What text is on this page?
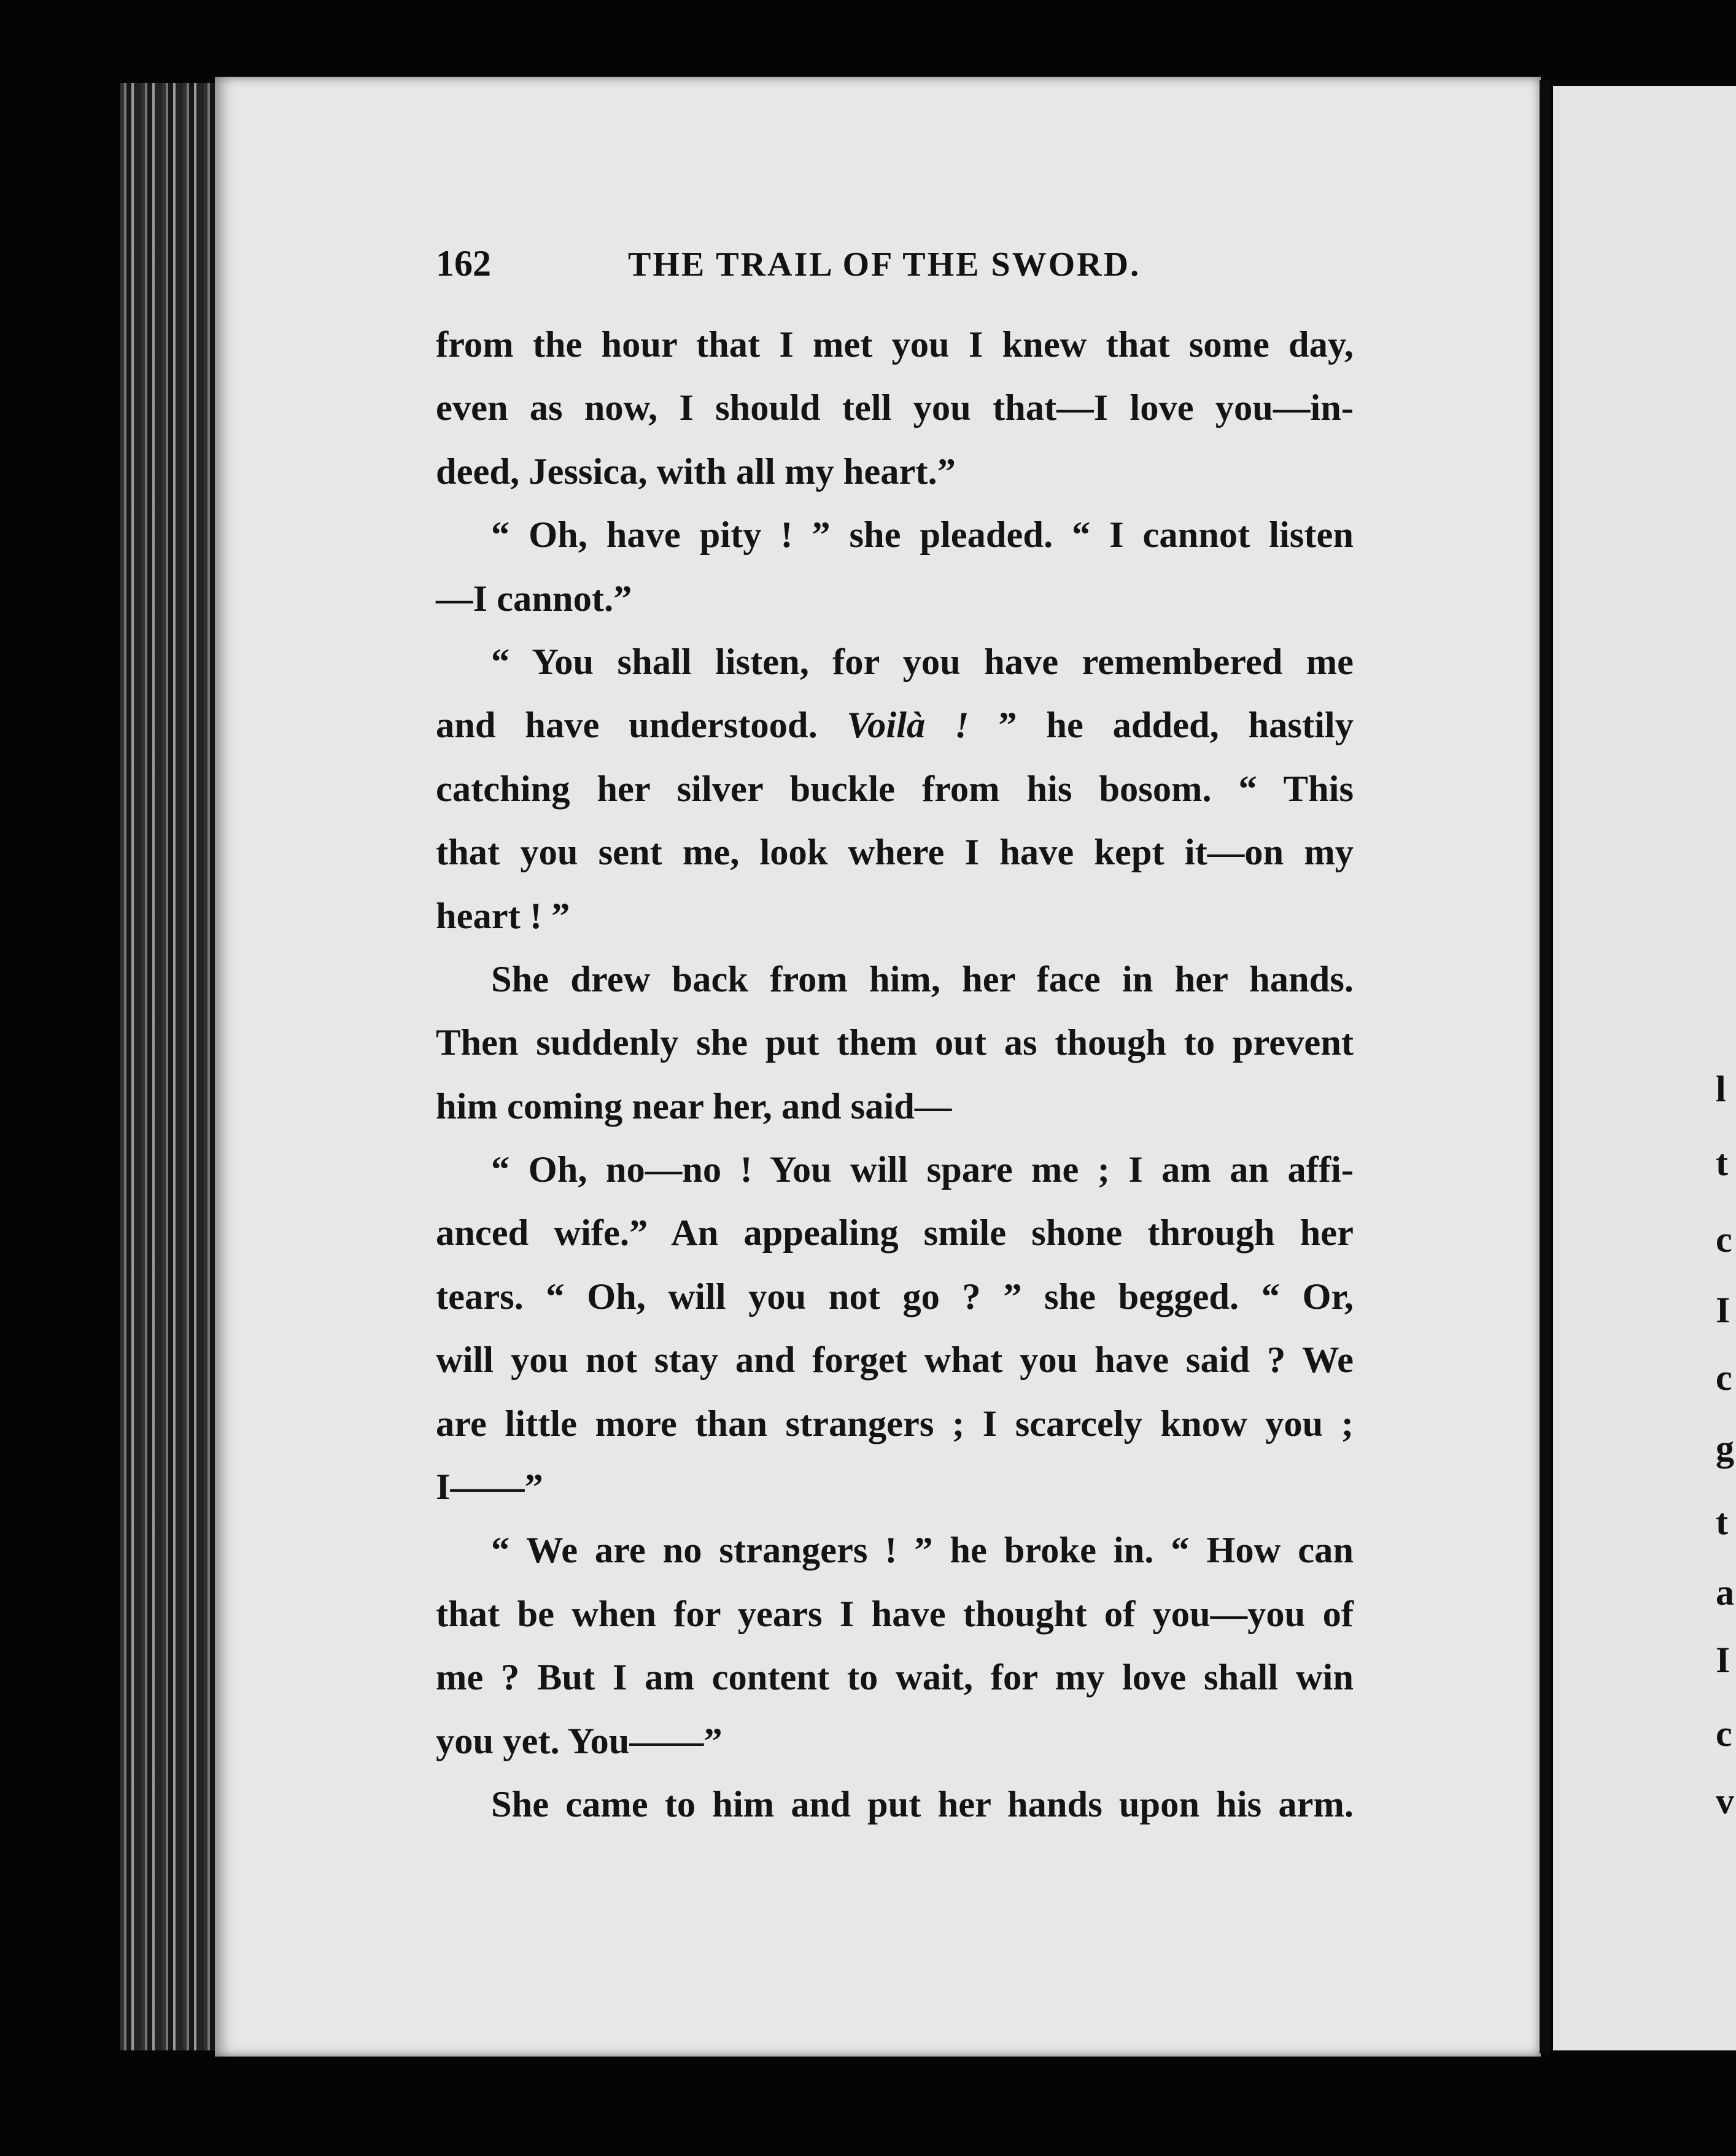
l
t
c
I
c
g
t
a
I
c
v
162	THE TRAIL OF THE SWORD.
from the hour that I met you I knew that some day,
even as now, I should tell you that—I love you—in-
deed, Jessica, with all my heart.”
“ Oh, have pity ! ” she pleaded. “ I cannot listen
—I cannot.”
“ You shall listen, for you have remembered me
and have understood. Voilà ! ” he added, hastily
catching her silver buckle from his bosom. “ This
that you sent me, look where I have kept it—on my
heart ! ”
She drew back from him, her face in her hands.
Then suddenly she put them out as though to prevent
him coming near her, and said—
“ Oh, no—no ! You will spare me ; I am an affi-
anced wife.” An appealing smile shone through her
tears. “ Oh, will you not go ? ” she begged. “ Or,
will you not stay and forget what you have said ? We
are little more than strangers ; I scarcely know you ;
I——”
“ We are no strangers ! ” he broke in. “ How can
that be when for years I have thought of you—you of
me ? But I am content to wait, for my love shall win
you yet. You——”
She came to him and put her hands upon his arm.
